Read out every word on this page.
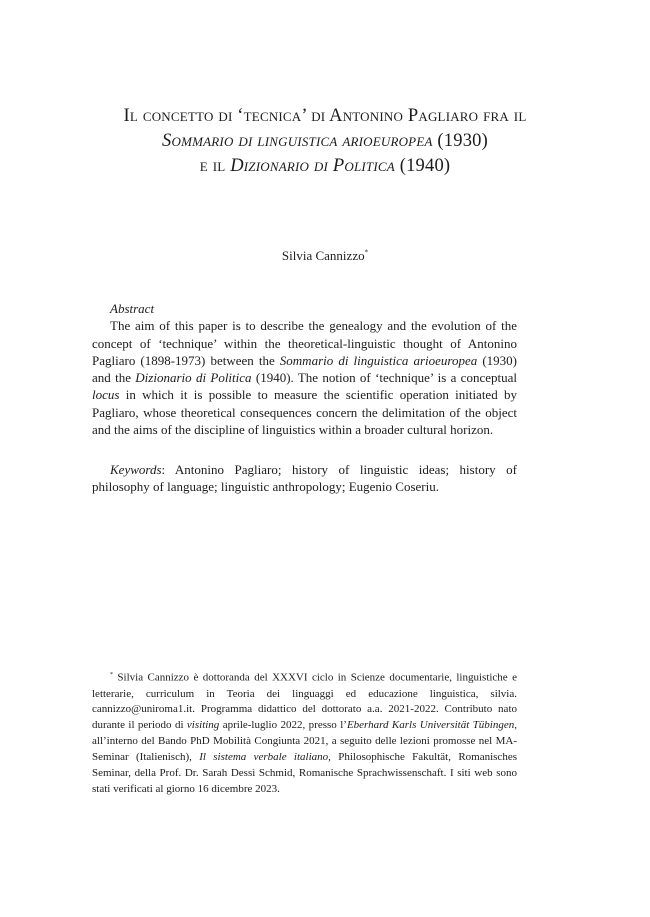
Il concetto di ‘tecnica’ di Antonino Pagliaro fra il
Sommario di linguistica arioeuropea (1930)
e il Dizionario di Politica (1940)
Silvia Cannizzo*
Abstract

The aim of this paper is to describe the genealogy and the evolution of the concept of ‘technique’ within the theoretical-linguistic thought of Antonino Pagliaro (1898-1973) between the Sommario di linguistica arioeuropea (1930) and the Dizionario di Politica (1940). The notion of ‘technique’ is a conceptual locus in which it is possible to measure the scientific operation initiated by Pagliaro, whose theoretical consequences concern the delimitation of the object and the aims of the discipline of linguistics within a broader cultural horizon.

Keywords: Antonino Pagliaro; history of linguistic ideas; history of philosophy of language; linguistic anthropology; Eugenio Coseriu.

* Silvia Cannizzo è dottoranda del XXXVI ciclo in Scienze documentarie, linguistiche e letterarie, curriculum in Teoria dei linguaggi ed educazione linguistica, silvia. cannizzo@uniroma1.it. Programma didattico del dottorato a.a. 2021-2022. Contributo nato durante il periodo di visiting aprile-luglio 2022, presso l’Eberhard Karls Universität Tübingen, all’interno del Bando PhD Mobilità Congiunta 2021, a seguito delle lezioni promosse nel MA-Seminar (Italienisch), Il sistema verbale italiano, Philosophische Fakultät, Romanisches Seminar, della Prof. Dr. Sarah Dessì Schmid, Romanische Sprachwissenschaft. I siti web sono stati verificati al giorno 16 dicembre 2023.
